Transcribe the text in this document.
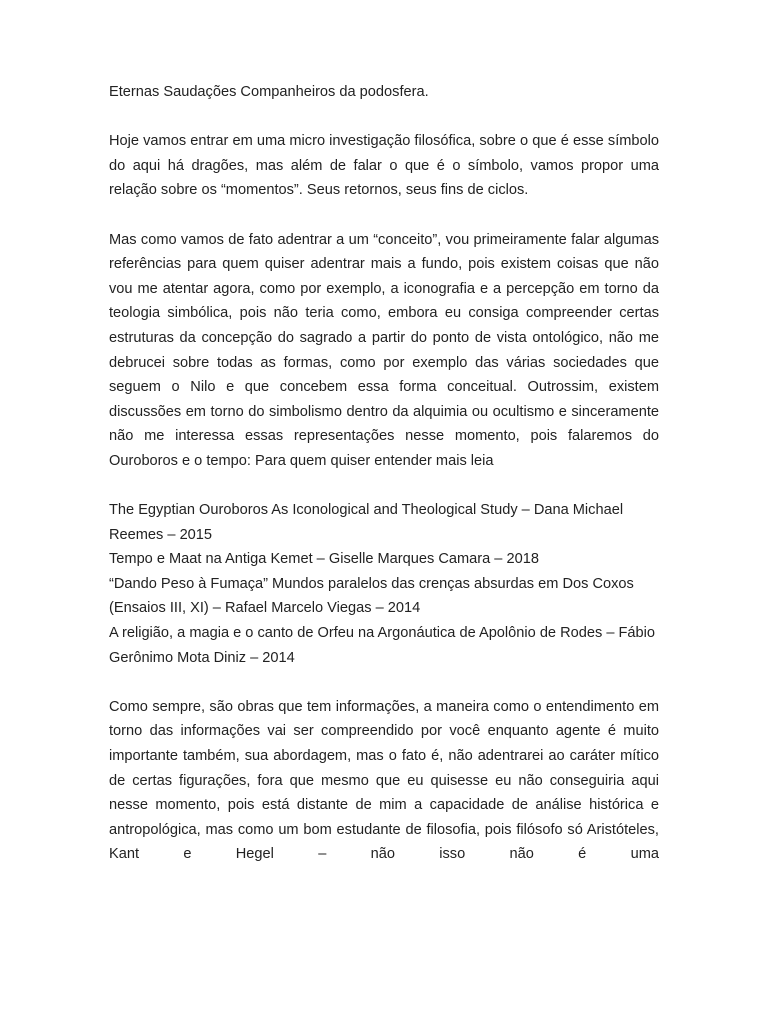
Eternas Saudações Companheiros da podosfera.

Hoje vamos entrar em uma micro investigação filosófica, sobre o que é esse símbolo do aqui há dragões, mas além de falar o que é o símbolo, vamos propor uma relação sobre os “momentos”. Seus retornos, seus fins de ciclos.

Mas como vamos de fato adentrar a um “conceito”, vou primeiramente falar algumas referências para quem quiser adentrar mais a fundo, pois existem coisas que não vou me atentar agora, como por exemplo, a iconografia e a percepção em torno da teologia simbólica, pois não teria como, embora eu consiga compreender certas estruturas da concepção do sagrado a partir do ponto de vista ontológico, não me debrucei sobre todas as formas, como por exemplo das várias sociedades que seguem o Nilo e que concebem essa forma conceitual. Outrossim, existem discussões em torno do simbolismo dentro da alquimia ou ocultismo e sinceramente não me interessa essas representações nesse momento, pois falaremos do Ouroboros e o tempo: Para quem quiser entender mais leia

The Egyptian Ouroboros As Iconological and Theological Study – Dana Michael Reemes – 2015

Tempo e Maat na Antiga Kemet – Giselle Marques Camara – 2018

“Dando Peso à Fumaça” Mundos paralelos das crenças absurdas em Dos Coxos (Ensaios III, XI) – Rafael Marcelo Viegas – 2014

A religião, a magia e o canto de Orfeu na Argonáutica de Apolônio de Rodes – Fábio Gerônimo Mota Diniz – 2014

Como sempre, são obras que tem informações, a maneira como o entendimento em torno das informações vai ser compreendido por você enquanto agente é muito importante também, sua abordagem, mas o fato é, não adentrarei ao caráter mítico de certas figurações, fora que mesmo que eu quisesse eu não conseguiria aqui nesse momento, pois está distante de mim a capacidade de análise histórica e antropológica, mas como um bom estudante de filosofia, pois filósofo só Aristóteles, Kant e Hegel – não isso não é uma
